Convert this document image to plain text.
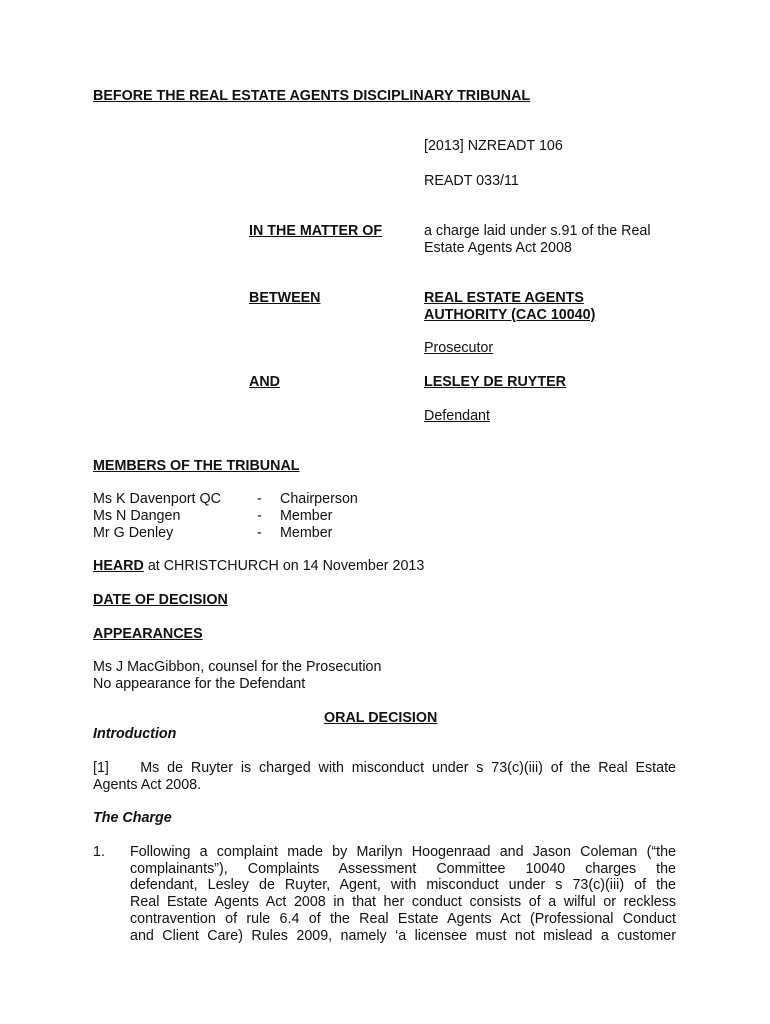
BEFORE THE REAL ESTATE AGENTS DISCIPLINARY TRIBUNAL
[2013] NZREADT 106
READT 033/11
IN THE MATTER OF	a charge laid under s.91 of the Real
Estate Agents Act 2008
BETWEEN	REAL ESTATE AGENTS
AUTHORITY (CAC 10040)
Prosecutor
AND	LESLEY DE RUYTER
Defendant
MEMBERS OF THE TRIBUNAL
Ms K Davenport QC	- Chairperson
Ms N Dangen	- Member
Mr G Denley	- Member
HEARD at CHRISTCHURCH on 14 November 2013
DATE OF DECISION
APPEARANCES
Ms J MacGibbon, counsel for the Prosecution
No appearance for the Defendant
ORAL DECISION
Introduction
[1]    Ms de Ruyter is charged with misconduct under s 73(c)(iii) of the Real Estate
Agents Act 2008.
The Charge
1. Following a complaint made by Marilyn Hoogenraad and Jason Coleman (“the
complainants”), Complaints Assessment Committee 10040 charges the
defendant, Lesley de Ruyter, Agent, with misconduct under s 73(c)(iii) of the
Real Estate Agents Act 2008 in that her conduct consists of a wilful or reckless
contravention of rule 6.4 of the Real Estate Agents Act (Professional Conduct
and Client Care) Rules 2009, namely ‘a licensee must not mislead a customer
